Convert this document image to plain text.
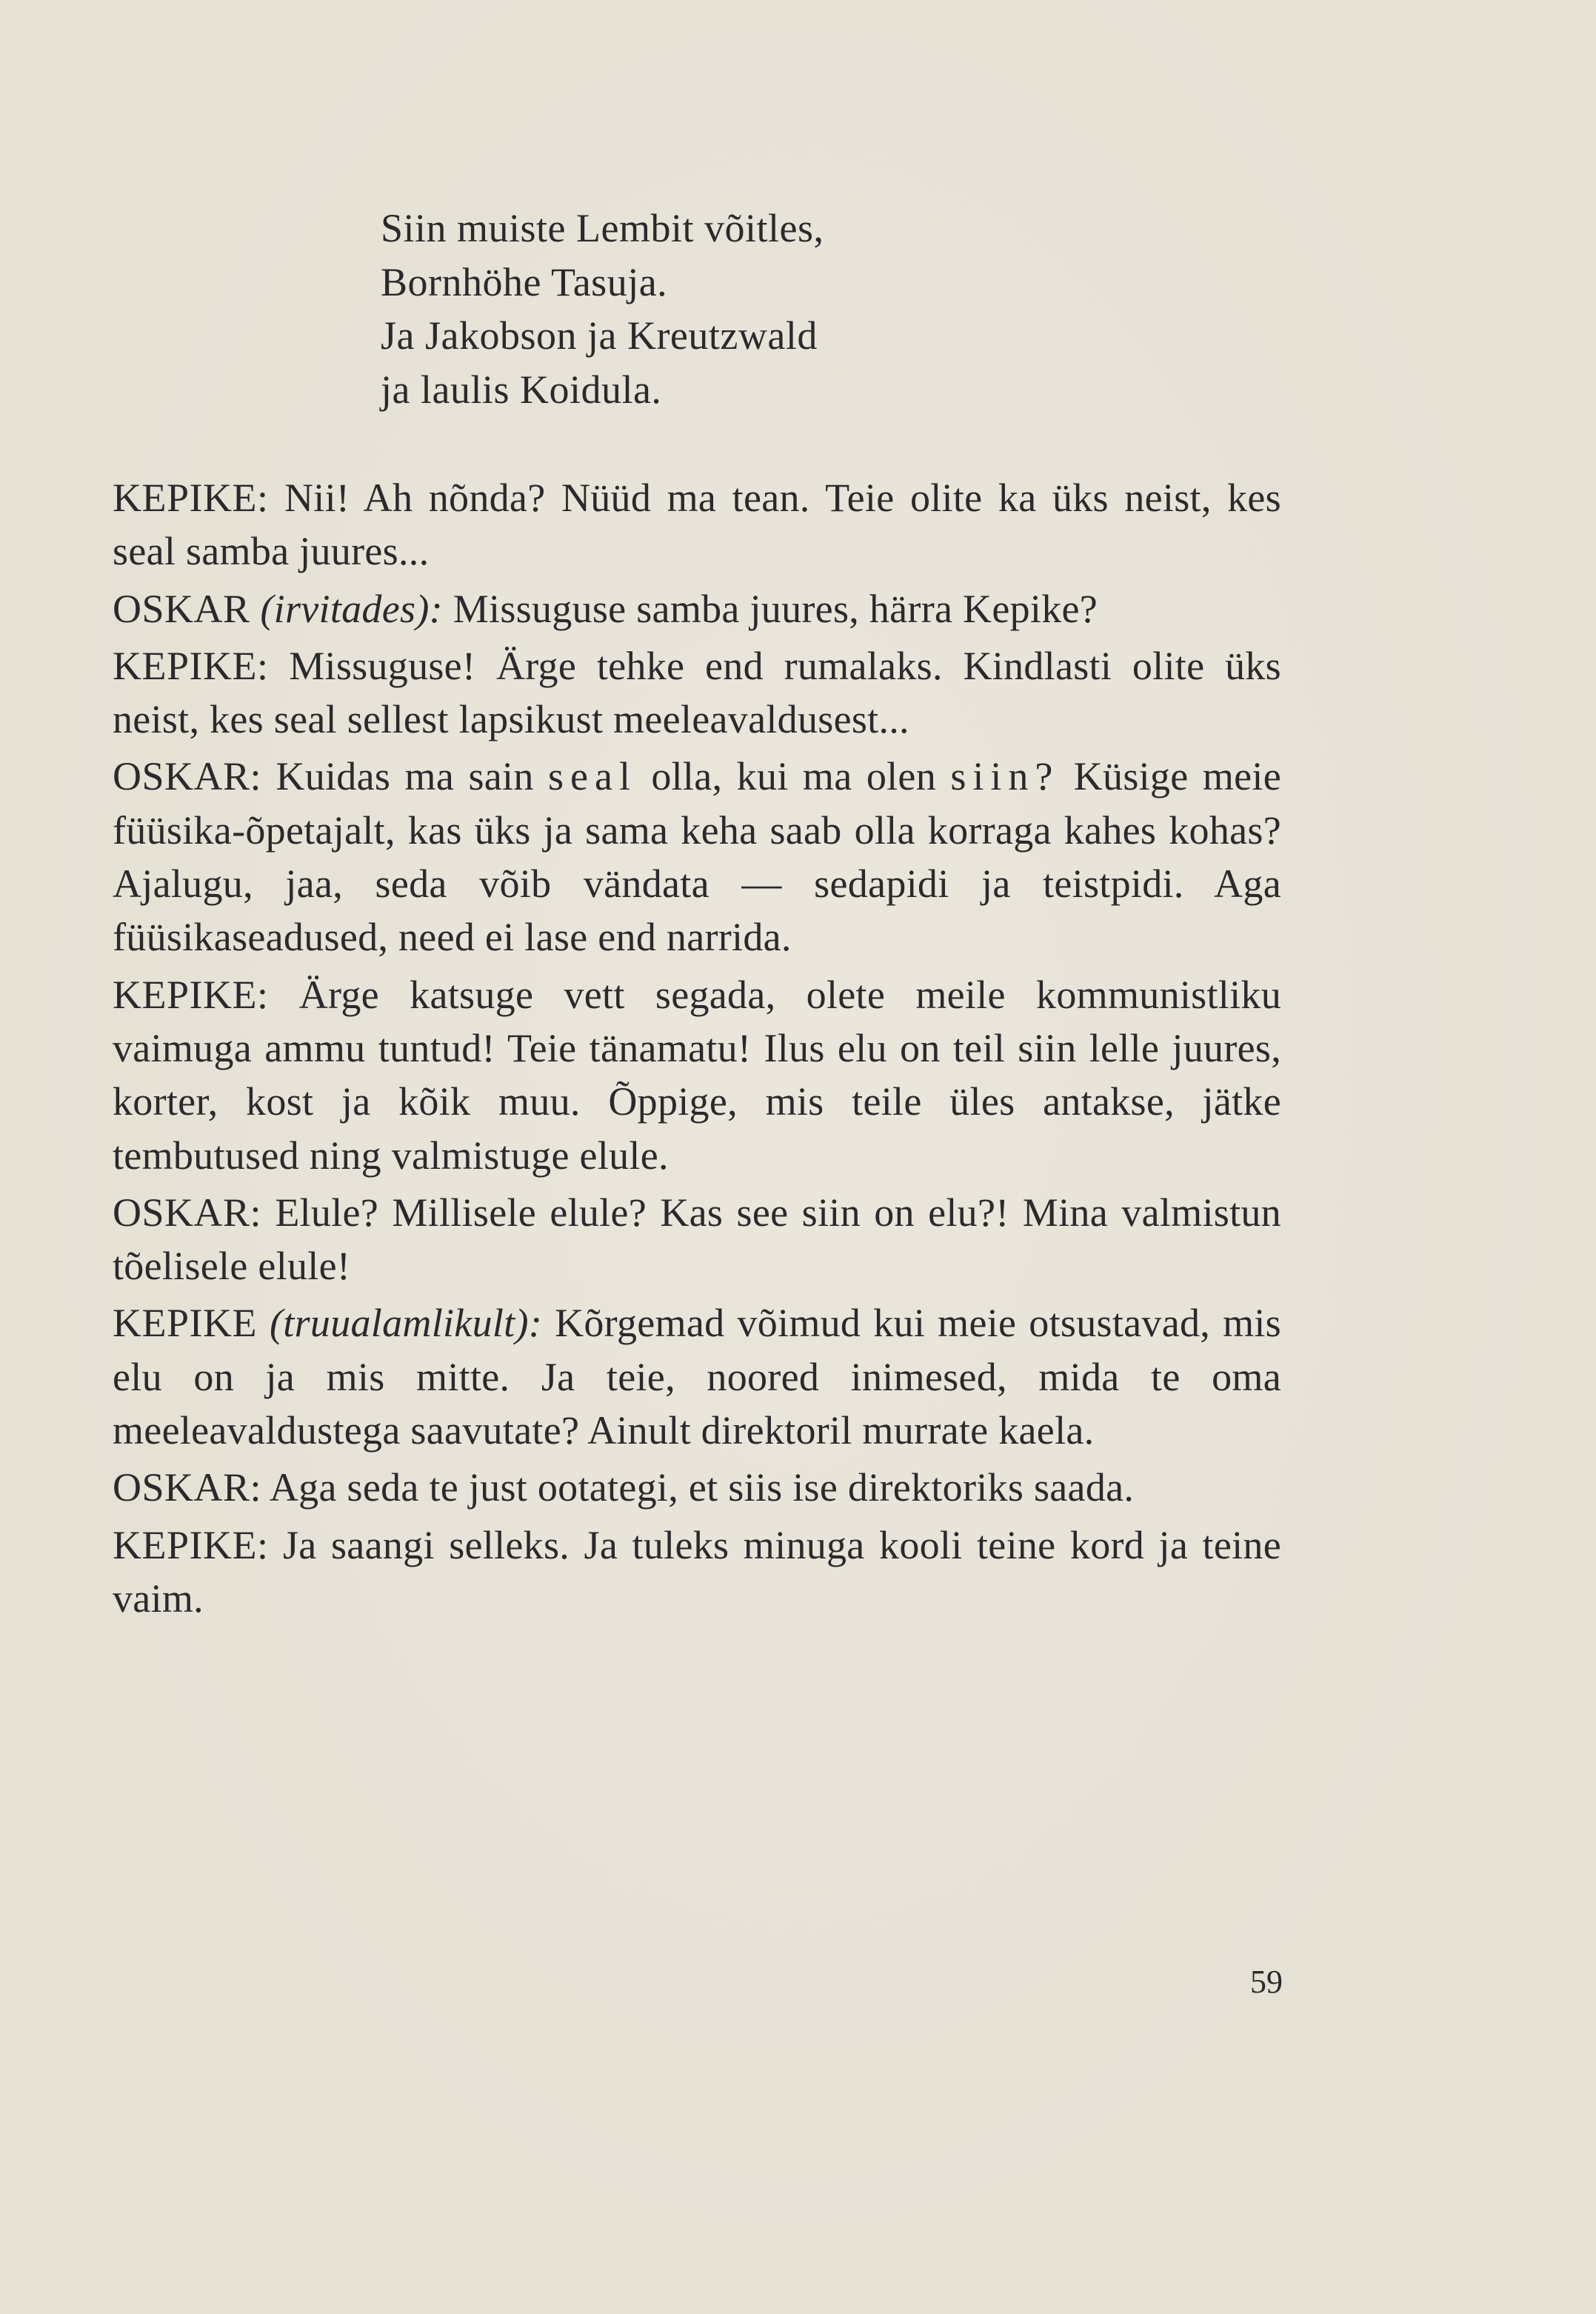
Siin muiste Lembit võitles,
Bornhöhe Tasuja.
Ja Jakobson ja Kreutzwald
ja laulis Koidula.

KEPIKE: Nii! Ah nõnda? Nüüd ma tean. Teie olite ka üks neist, kes seal samba juures...

OSKAR (irvitades): Missuguse samba juures, härra Kepike?

KEPIKE: Missuguse! Ärge tehke end rumalaks. Kindlasti olite üks neist, kes seal sellest lapsikust meeleavaldusest...

OSKAR: Kuidas ma sain seal olla, kui ma olen siin? Küsige meie füüsika-õpetajalt, kas üks ja sama keha saab olla korraga kahes kohas? Ajalugu, jaa, seda võib vändata — sedapidi ja teistpidi. Aga füüsikaseadused, need ei lase end narrida.

KEPIKE: Ärge katsuge vett segada, olete meile kommunistliku vaimuga ammu tuntud! Teie tänamatu! Ilus elu on teil siin lelle juures, korter, kost ja kõik muu. Õppige, mis teile üles antakse, jätke tembutused ning valmistuge elule.

OSKAR: Elule? Millisele elule? Kas see siin on elu?! Mina valmistun tõelisele elule!

KEPIKE (truualamlikult): Kõrgemad võimud kui meie otsustavad, mis elu on ja mis mitte. Ja teie, noored inimesed, mida te oma meeleavaldustega saavutate? Ainult direktoril murrate kaela.

OSKAR: Aga seda te just ootategi, et siis ise direktoriks saada.

KEPIKE: Ja saangi selleks. Ja tuleks minuga kooli teine kord ja teine vaim.

59
